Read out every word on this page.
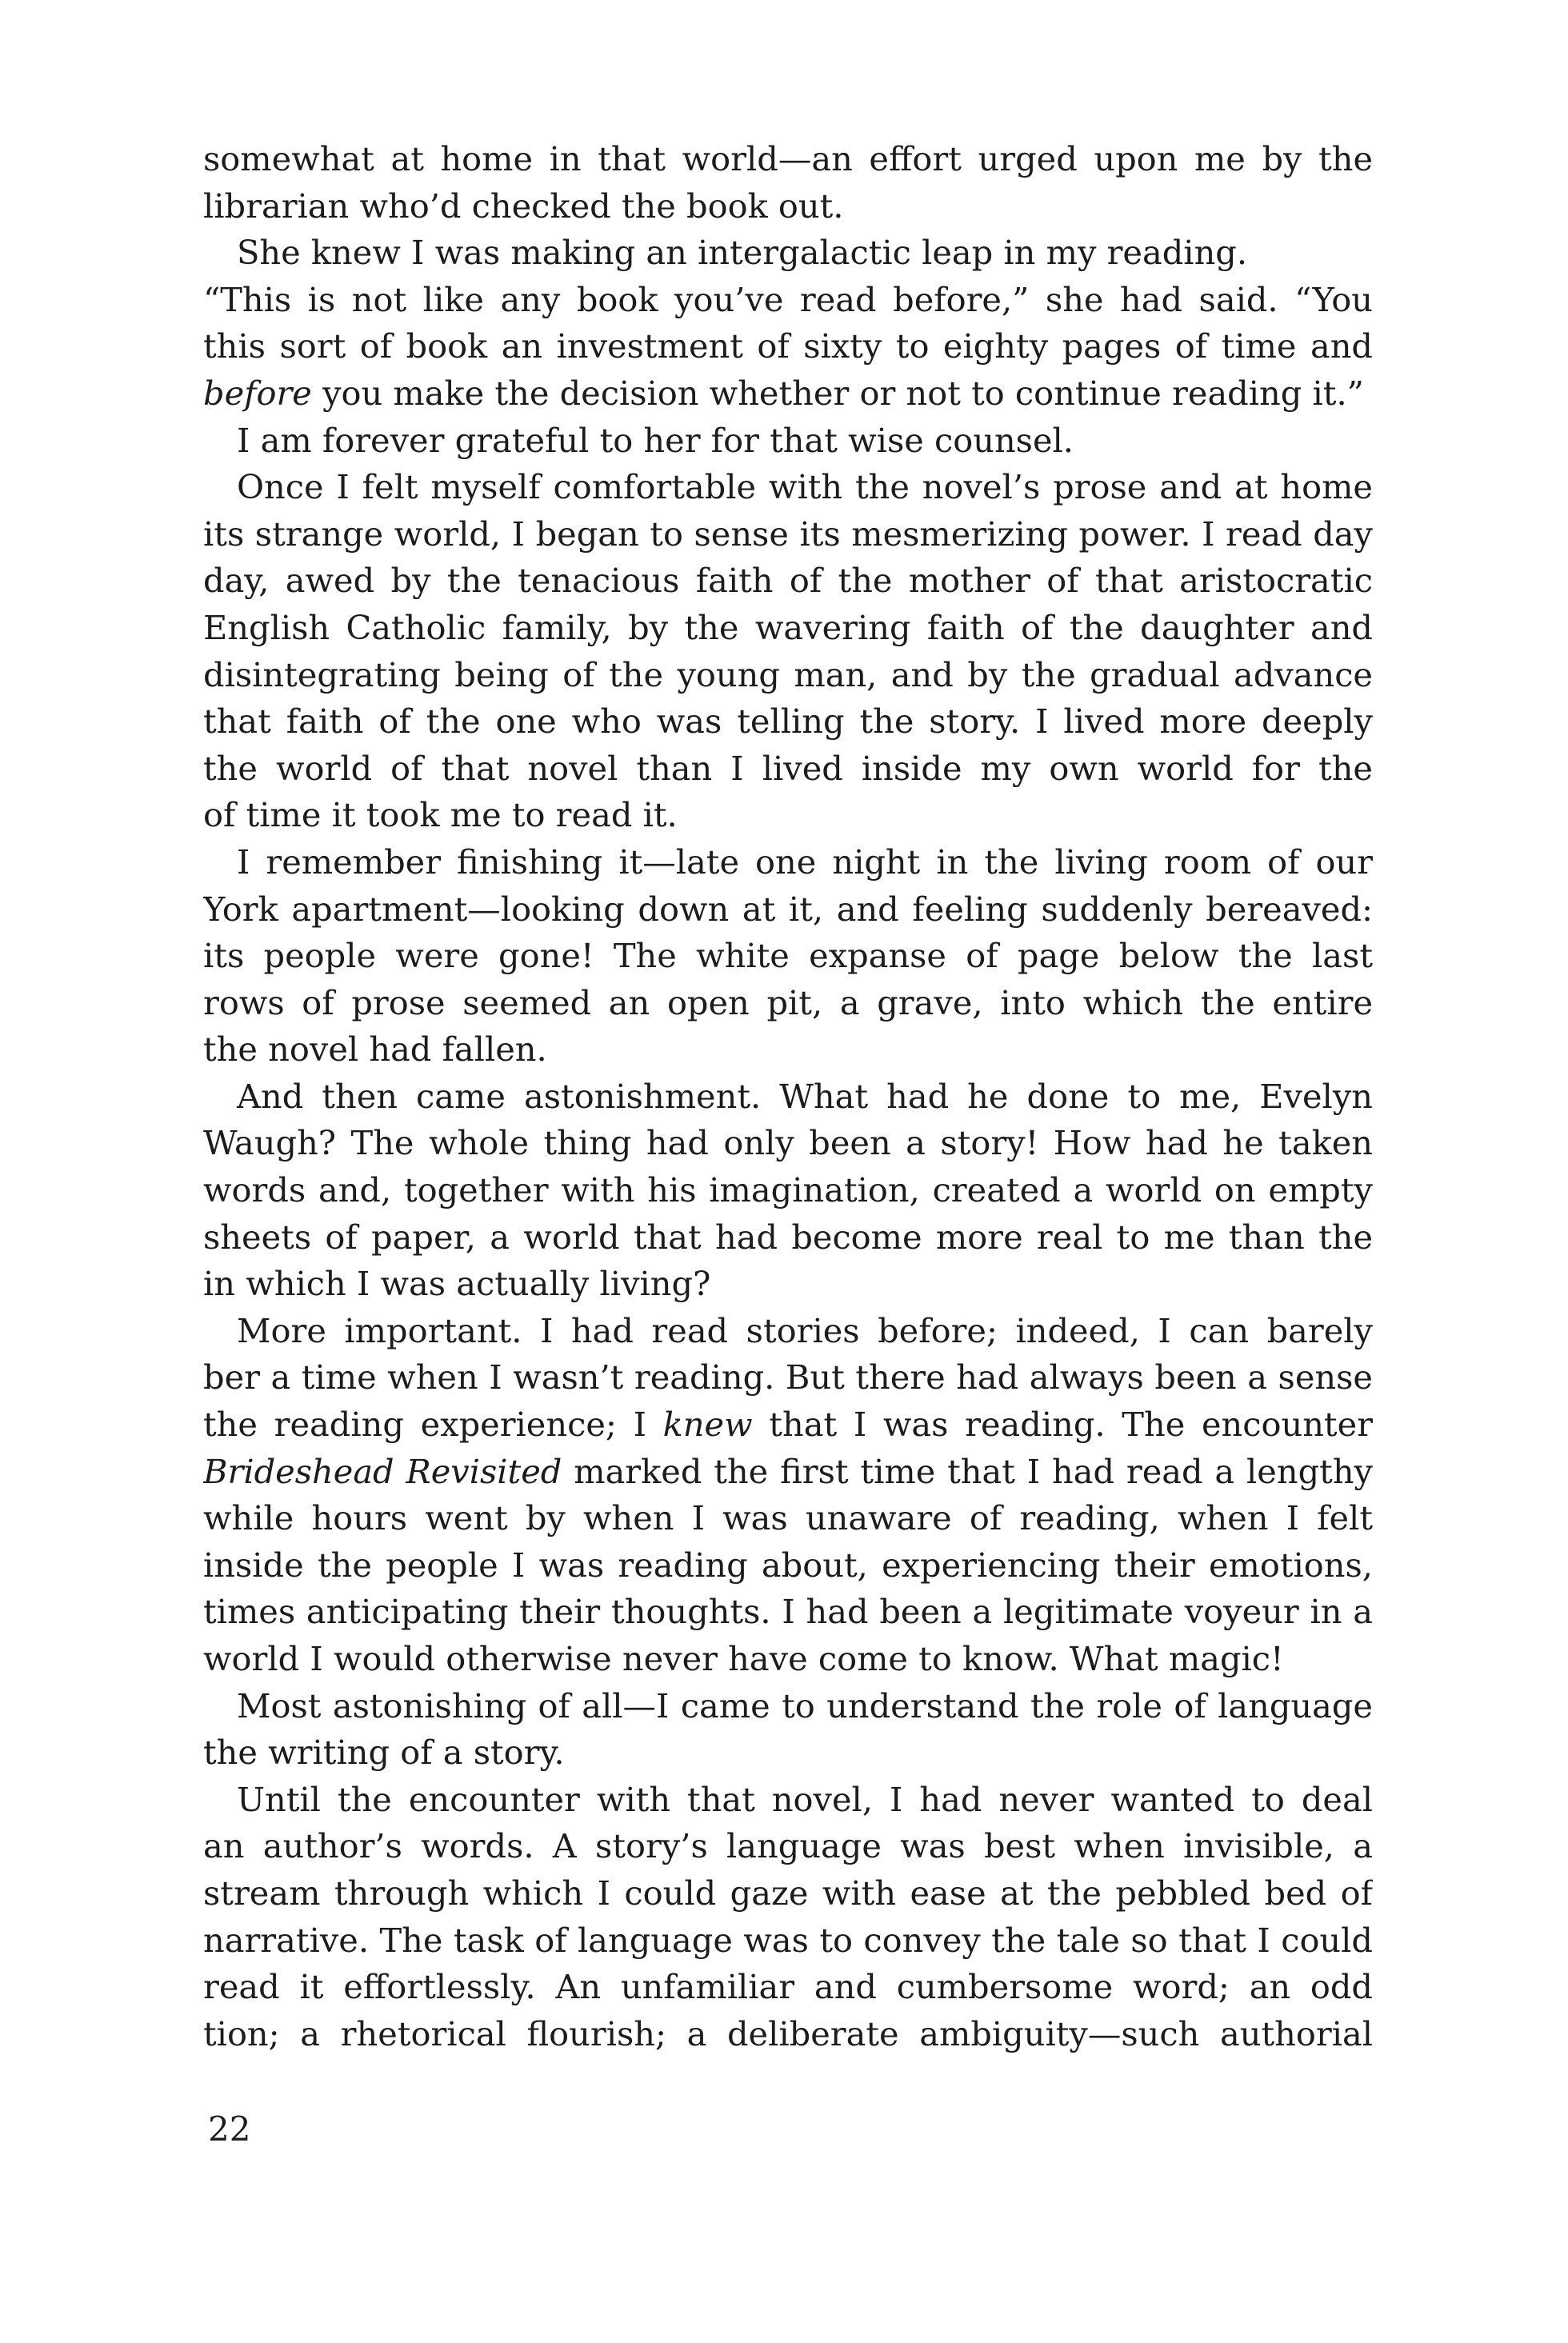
somewhat at home in that world—an effort urged upon me by the
librarian who’d checked the book out.
She knew I was making an intergalactic leap in my reading.
“This is not like any book you’ve read before,” she had said. “You
this sort of book an investment of sixty to eighty pages of time and
before you make the decision whether or not to continue reading it.”
I am forever grateful to her for that wise counsel.
Once I felt myself comfortable with the novel’s prose and at home
its strange world, I began to sense its mesmerizing power. I read day
day, awed by the tenacious faith of the mother of that aristocratic
English Catholic family, by the wavering faith of the daughter and
disintegrating being of the young man, and by the gradual advance
that faith of the one who was telling the story. I lived more deeply
the world of that novel than I lived inside my own world for the
of time it took me to read it.
I remember finishing it—late one night in the living room of our
York apartment—looking down at it, and feeling suddenly bereaved:
its people were gone! The white expanse of page below the last
rows of prose seemed an open pit, a grave, into which the entire
the novel had fallen.
And then came astonishment. What had he done to me, Evelyn
Waugh? The whole thing had only been a story! How had he taken
words and, together with his imagination, created a world on empty
sheets of paper, a world that had become more real to me than the
in which I was actually living?
More important. I had read stories before; indeed, I can barely
ber a time when I wasn’t reading. But there had always been a sense
the reading experience; I knew that I was reading. The encounter
Brideshead Revisited marked the first time that I had read a lengthy
while hours went by when I was unaware of reading, when I felt
inside the people I was reading about, experiencing their emotions,
times anticipating their thoughts. I had been a legitimate voyeur in a
world I would otherwise never have come to know. What magic!
Most astonishing of all—I came to understand the role of language
the writing of a story.
Until the encounter with that novel, I had never wanted to deal
an author’s words. A story’s language was best when invisible, a
stream through which I could gaze with ease at the pebbled bed of
narrative. The task of language was to convey the tale so that I could
read it effortlessly. An unfamiliar and cumbersome word; an odd
tion; a rhetorical flourish; a deliberate ambiguity—such authorial
22
